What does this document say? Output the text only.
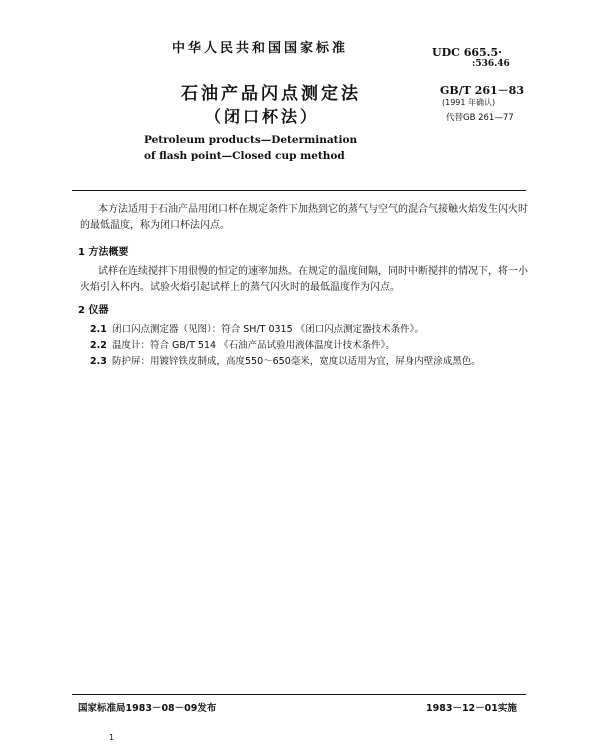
中华人民共和国国家标准	UDC 665.5·
:536.46
GB/T 261－83
(1991 年确认)
代替GB 261—77
石油产品闪点测定法
（闭口杯法）
Petroleum products—Determination
of flash point—Closed cup method

本方法适用于石油产品用闭口杯在规定条件下加热到它的蒸气与空气的混合气接触火焰发生闪火时的最低温度，称为闭口杯法闪点。

1 方法概要

试样在连续搅拌下用很慢的恒定的速率加热。在规定的温度间隔，同时中断搅拌的情况下，将一小火焰引入杯内。试验火焰引起试样上的蒸气闪火时的最低温度作为闪点。

2 仪器
2.1 闭口闪点测定器（见图）：符合 SH/T 0315 《闭口闪点测定器技术条件》。
2.2 温度计：符合 GB/T 514 《石油产品试验用液体温度计技术条件》。
2.3 防护屏：用镀锌铁皮制成，高度550～650毫米，宽度以适用为宜，屏身内壁涂成黑色。
国家标准局1983－08－09发布	1983－12－01实施
1
